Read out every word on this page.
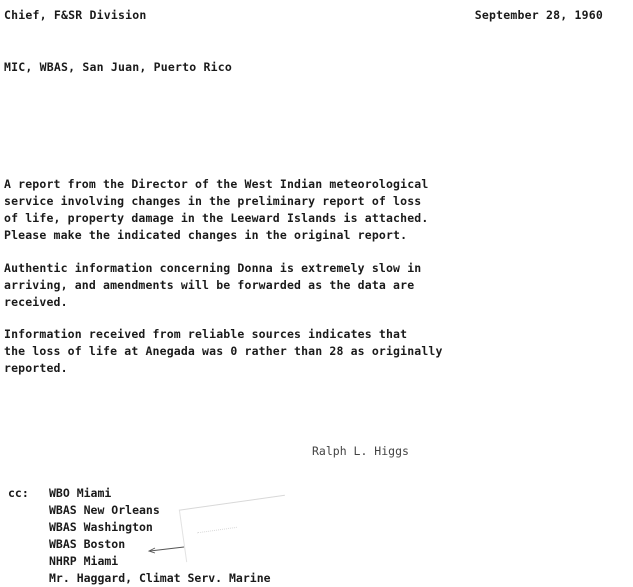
Chief, F&SR Division	September 28, 1960
MIC, WBAS, San Juan, Puerto Rico
A report from the Director of the West Indian meteorological
service involving changes in the preliminary report of loss
of life, property damage in the Leeward Islands is attached.
Please make the indicated changes in the original report.
Authentic information concerning Donna is extremely slow in
arriving, and amendments will be forwarded as the data are
received.
Information received from reliable sources indicates that
the loss of life at Anegada was 0 rather than 28 as originally
reported.
Ralph L. Higgs
cc: WBO Miami
WBAS New Orleans
WBAS Washington
WBAS Boston
NHRP Miami
Mr. Haggard, Climat Serv. Marine
